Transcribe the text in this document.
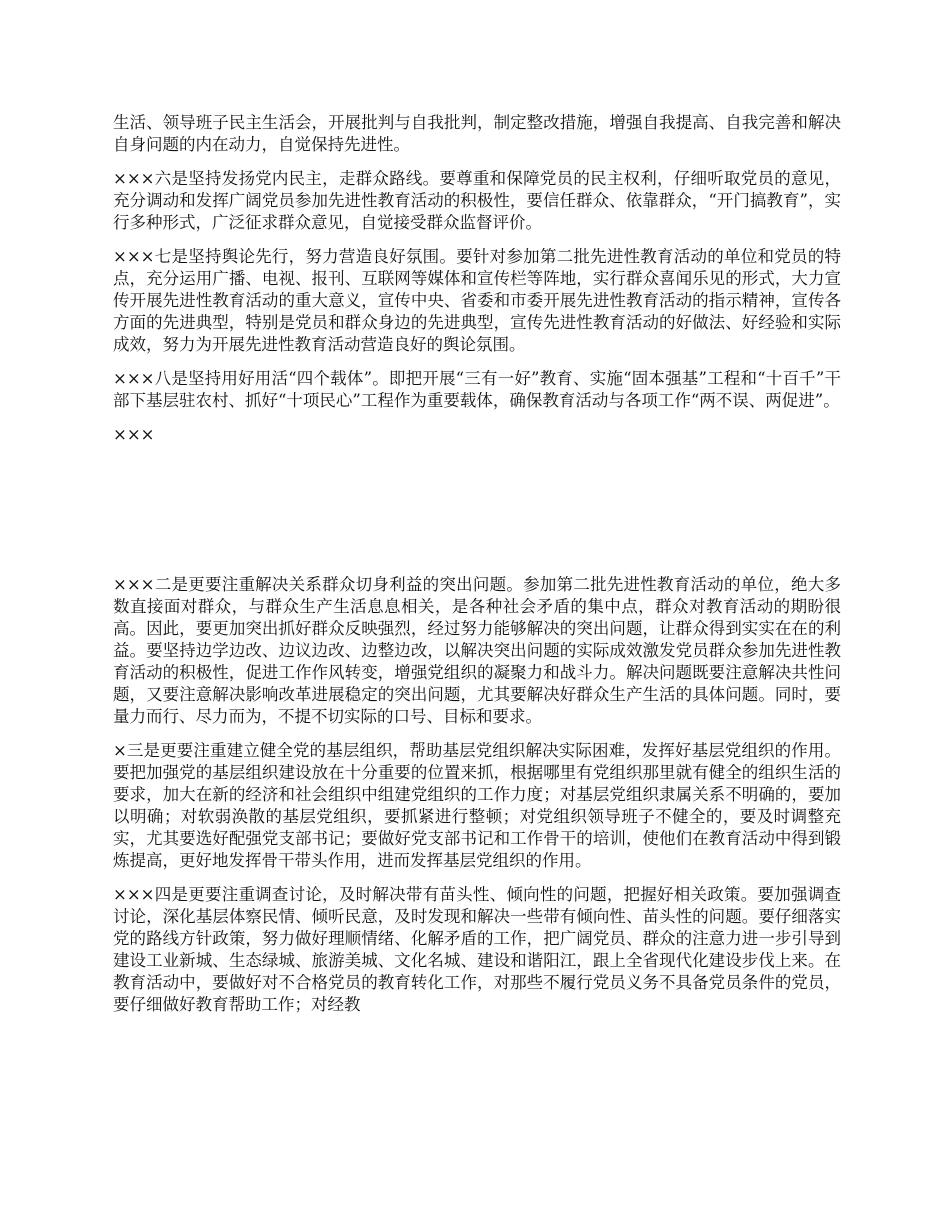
生活、领导班子民主生活会，开展批判与自我批判，制定整改措施，增强自我提高、自我完善和解决自身问题的内在动力，自觉保持先进性。

×××六是坚持发扬党内民主，走群众路线。要尊重和保障党员的民主权利，仔细听取党员的意见，充分调动和发挥广阔党员参加先进性教育活动的积极性，要信任群众、依靠群众，“开门搞教育”，实行多种形式，广泛征求群众意见，自觉接受群众监督评价。

×××七是坚持舆论先行，努力营造良好氛围。要针对参加第二批先进性教育活动的单位和党员的特点，充分运用广播、电视、报刊、互联网等媒体和宣传栏等阵地，实行群众喜闻乐见的形式，大力宣传开展先进性教育活动的重大意义，宣传中央、省委和市委开展先进性教育活动的指示精神，宣传各方面的先进典型，特别是党员和群众身边的先进典型，宣传先进性教育活动的好做法、好经验和实际成效，努力为开展先进性教育活动营造良好的舆论氛围。

×××八是坚持用好用活“四个载体”。即把开展“三有一好”教育、实施“固本强基”工程和“十百千”干部下基层驻农村、抓好“十项民心”工程作为重要载体，确保教育活动与各项工作“两不误、两促进”。

×××

×××二是更要注重解决关系群众切身利益的突出问题。参加第二批先进性教育活动的单位，绝大多数直接面对群众，与群众生产生活息息相关，是各种社会矛盾的集中点，群众对教育活动的期盼很高。因此，要更加突出抓好群众反映强烈，经过努力能够解决的突出问题，让群众得到实实在在的利益。要坚持边学边改、边议边改、边整边改，以解决突出问题的实际成效激发党员群众参加先进性教育活动的积极性，促进工作作风转变，增强党组织的凝聚力和战斗力。解决问题既要注意解决共性问题，又要注意解决影响改革进展稳定的突出问题，尤其要解决好群众生产生活的具体问题。同时，要量力而行、尽力而为，不提不切实际的口号、目标和要求。

×三是更要注重建立健全党的基层组织，帮助基层党组织解决实际困难，发挥好基层党组织的作用。要把加强党的基层组织建设放在十分重要的位置来抓，根据哪里有党组织那里就有健全的组织生活的要求，加大在新的经济和社会组织中组建党组织的工作力度；对基层党组织隶属关系不明确的，要加以明确；对软弱涣散的基层党组织，要抓紧进行整顿；对党组织领导班子不健全的，要及时调整充实，尤其要选好配强党支部书记；要做好党支部书记和工作骨干的培训，使他们在教育活动中得到锻炼提高，更好地发挥骨干带头作用，进而发挥基层党组织的作用。

×××四是更要注重调查讨论，及时解决带有苗头性、倾向性的问题，把握好相关政策。要加强调查讨论，深化基层体察民情、倾听民意，及时发现和解决一些带有倾向性、苗头性的问题。要仔细落实党的路线方针政策，努力做好理顺情绪、化解矛盾的工作，把广阔党员、群众的注意力进一步引导到建设工业新城、生态绿城、旅游美城、文化名城、建设和谐阳江，跟上全省现代化建设步伐上来。在教育活动中，要做好对不合格党员的教育转化工作，对那些不履行党员义务不具备党员条件的党员，要仔细做好教育帮助工作；对经教
